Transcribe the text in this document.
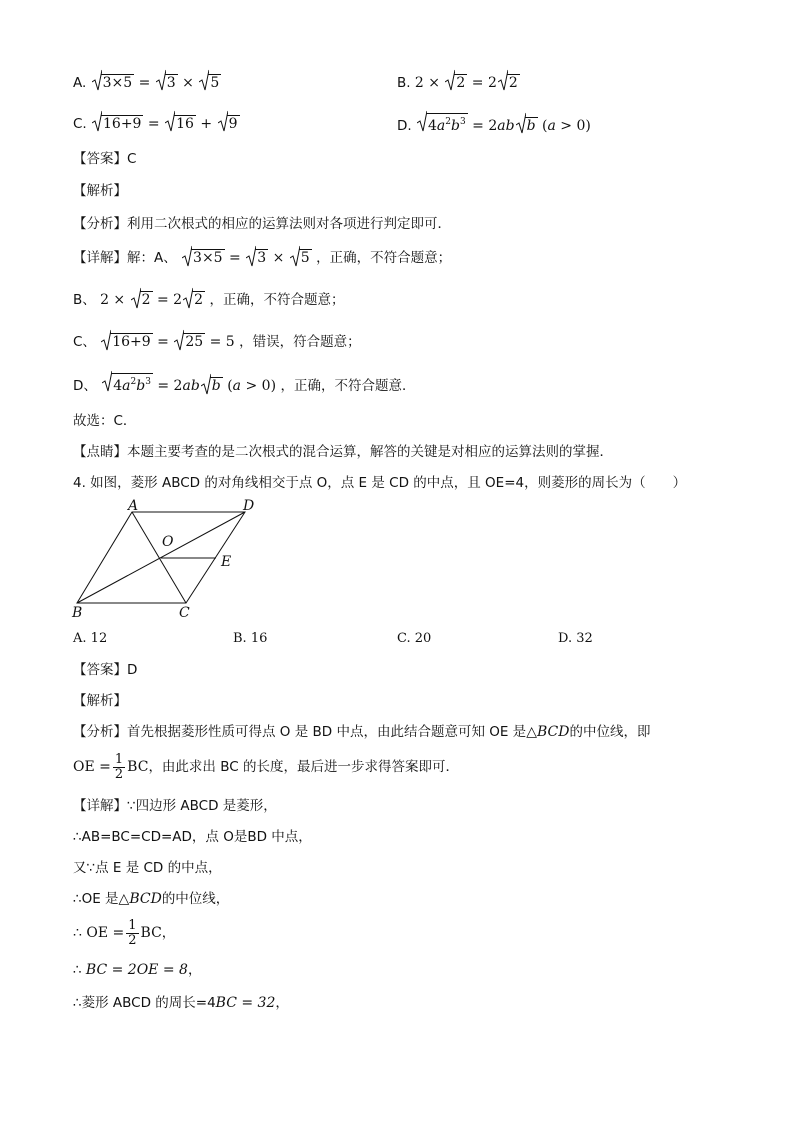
A. 3×5 =
3 ×
5	B. 2 ×
2 = 2 2
C. 16+9 =
16 +
9	D. $4a^2b^3 = 2ab$ b (a > 0)
【答案】C
【解析】
【分析】利用二次根式的相应的运算法则对各项进行判定即可．
【详解】解：A、 3×5 =
3 ×
5 ，正确，不符合题意；
B、 2 ×
2 = 2 2 ，正确，不符合题意；
C、 16+9 =
25 = 5 ，错误，符合题意；
D、 $4a^2b^3 = 2ab$ b (a > 0) ，正确，不符合题意．
故选：C．
【点睛】本题主要考查的是二次根式的混合运算，解答的关键是对相应的运算法则的掌握．
4. 如图，菱形 ABCD 的对角线相交于点 O，点 E 是 CD 的中点，且 OE=4，则菱形的周长为（　　）
A	D
O
E
B	C
A. 12	B. 16	C. 20	D. 32
【答案】D
【解析】
【分析】首先根据菱形性质可得点 O 是 BD 中点，由此结合题意可知 OE 是△BCD的中位线，即
OE = $\frac{1}{2}$ BC，由此求出 BC 的长度，最后进一步求得答案即可．
【详解】∵四边形 ABCD 是菱形，
∴AB=BC=CD=AD，点 O是BD 中点，
又∵点 E 是 CD 的中点，
∴OE 是△BCD的中位线，
∴ OE = $\frac{1}{2}$ BC，
∴ BC = 2OE = 8，
∴菱形 ABCD 的周长=4BC = 32，
